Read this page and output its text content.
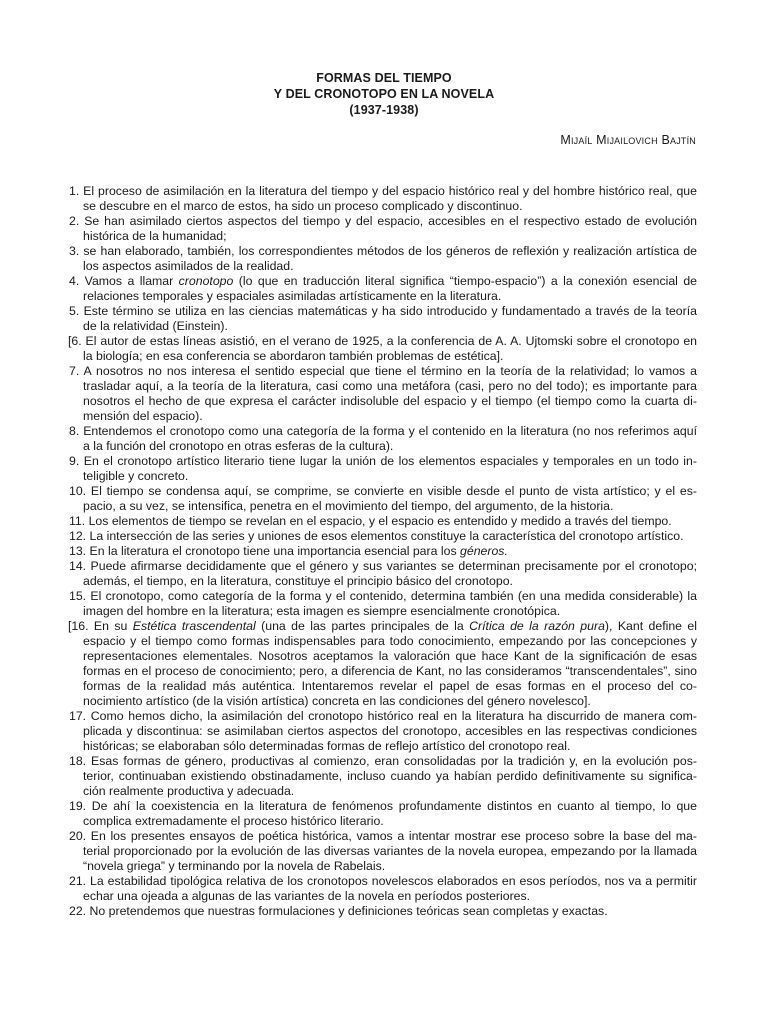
FORMAS DEL TIEMPO
Y DEL CRONOTOPO EN LA NOVELA
(1937-1938)
Mijaíl Mijailovich Bajtín
1. El proceso de asimilación en la literatura del tiempo y del espacio histórico real y del hombre histórico real, que se descubre en el marco de estos, ha sido un proceso complicado y discontinuo.
2. Se han asimilado ciertos aspectos del tiempo y del espacio, accesibles en el respectivo estado de evolución histórica de la humanidad;
3. se han elaborado, también, los correspondientes métodos de los géneros de reflexión y realización artística de los aspectos asimilados de la realidad.
4. Vamos a llamar cronotopo (lo que en traducción literal significa “tiempo-espacio”) a la conexión esencial de relaciones temporales y espaciales asimiladas artísticamente en la literatura.
5. Este término se utiliza en las ciencias matemáticas y ha sido introducido y fundamentado a través de la teoría de la relatividad (Einstein).
[6. El autor de estas líneas asistió, en el verano de 1925, a la conferencia de A. A. Ujtomski sobre el cronotopo en la biología; en esa conferencia se abordaron también problemas de estética].
7. A nosotros no nos interesa el sentido especial que tiene el término en la teoría de la relatividad; lo vamos a trasladar aquí, a la teoría de la literatura, casi como una metáfora (casi, pero no del todo); es importante para nosotros el hecho de que expresa el carácter indisoluble del espacio y el tiempo (el tiempo como la cuarta dimensión del espacio).
8. Entendemos el cronotopo como una categoría de la forma y el contenido en la literatura (no nos referimos aquí a la función del cronotopo en otras esferas de la cultura).
9. En el cronotopo artístico literario tiene lugar la unión de los elementos espaciales y temporales en un todo inteligible y concreto.
10. El tiempo se condensa aquí, se comprime, se convierte en visible desde el punto de vista artístico; y el espacio, a su vez, se intensifica, penetra en el movimiento del tiempo, del argumento, de la historia.
11. Los elementos de tiempo se revelan en el espacio, y el espacio es entendido y medido a través del tiempo.
12. La intersección de las series y uniones de esos elementos constituye la característica del cronotopo artístico.
13. En la literatura el cronotopo tiene una importancia esencial para los géneros.
14. Puede afirmarse decididamente que el género y sus variantes se determinan precisamente por el cronotopo; además, el tiempo, en la literatura, constituye el principio básico del cronotopo.
15. El cronotopo, como categoría de la forma y el contenido, determina también (en una medida considerable) la imagen del hombre en la literatura; esta imagen es siempre esencialmente cronotópica.
[16. En su Estética trascendental (una de las partes principales de la Crítica de la razón pura), Kant define el espacio y el tiempo como formas indispensables para todo conocimiento, empezando por las concepciones y representaciones elementales. Nosotros aceptamos la valoración que hace Kant de la significación de esas formas en el proceso de conocimiento; pero, a diferencia de Kant, no las consideramos “transcendentales”, sino formas de la realidad más auténtica. Intentaremos revelar el papel de esas formas en el proceso del conocimiento artístico (de la visión artística) concreta en las condiciones del género novelesco].
17. Como hemos dicho, la asimilación del cronotopo histórico real en la literatura ha discurrido de manera complicada y discontinua: se asimilaban ciertos aspectos del cronotopo, accesibles en las respectivas condiciones históricas; se elaboraban sólo determinadas formas de reflejo artístico del cronotopo real.
18. Esas formas de género, productivas al comienzo, eran consolidadas por la tradición y, en la evolución posterior, continuaban existiendo obstinadamente, incluso cuando ya habían perdido definitivamente su significación realmente productiva y adecuada.
19. De ahí la coexistencia en la literatura de fenómenos profundamente distintos en cuanto al tiempo, lo que complica extremadamente el proceso histórico literario.
20. En los presentes ensayos de poética histórica, vamos a intentar mostrar ese proceso sobre la base del material proporcionado por la evolución de las diversas variantes de la novela europea, empezando por la llamada “novela griega” y terminando por la novela de Rabelais.
21. La estabilidad tipológica relativa de los cronotopos novelescos elaborados en esos períodos, nos va a permitir echar una ojeada a algunas de las variantes de la novela en períodos posteriores.
22. No pretendemos que nuestras formulaciones y definiciones teóricas sean completas y exactas.
